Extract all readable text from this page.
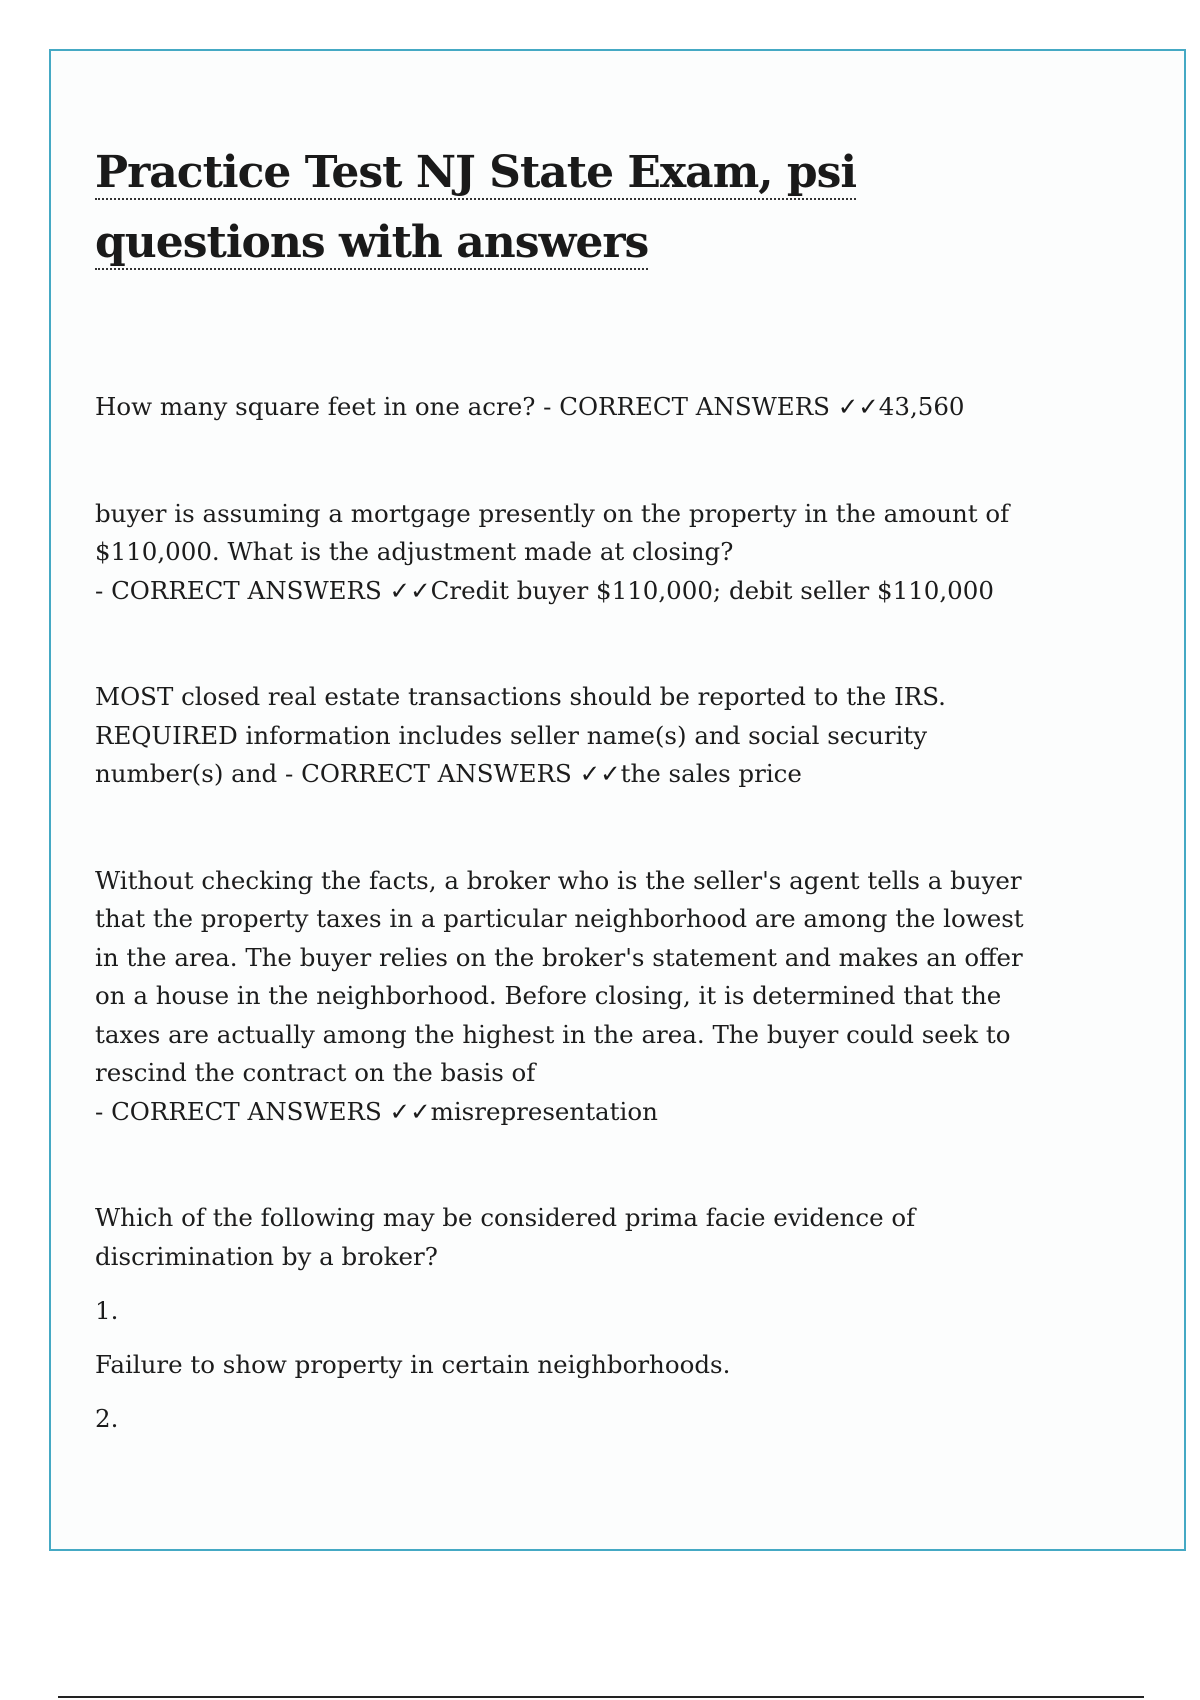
Practice Test NJ State Exam, psi questions with answers
How many square feet in one acre? - CORRECT ANSWERS ✓✓43,560
buyer is assuming a mortgage presently on the property in the amount of $110,000. What is the adjustment made at closing? - CORRECT ANSWERS ✓✓Credit buyer $110,000; debit seller $110,000
MOST closed real estate transactions should be reported to the IRS. REQUIRED information includes seller name(s) and social security number(s) and - CORRECT ANSWERS ✓✓the sales price
Without checking the facts, a broker who is the seller's agent tells a buyer that the property taxes in a particular neighborhood are among the lowest in the area. The buyer relies on the broker's statement and makes an offer on a house in the neighborhood. Before closing, it is determined that the taxes are actually among the highest in the area. The buyer could seek to rescind the contract on the basis of - CORRECT ANSWERS ✓✓misrepresentation
Which of the following may be considered prima facie evidence of discrimination by a broker?
1.
Failure to show property in certain neighborhoods.
2.
